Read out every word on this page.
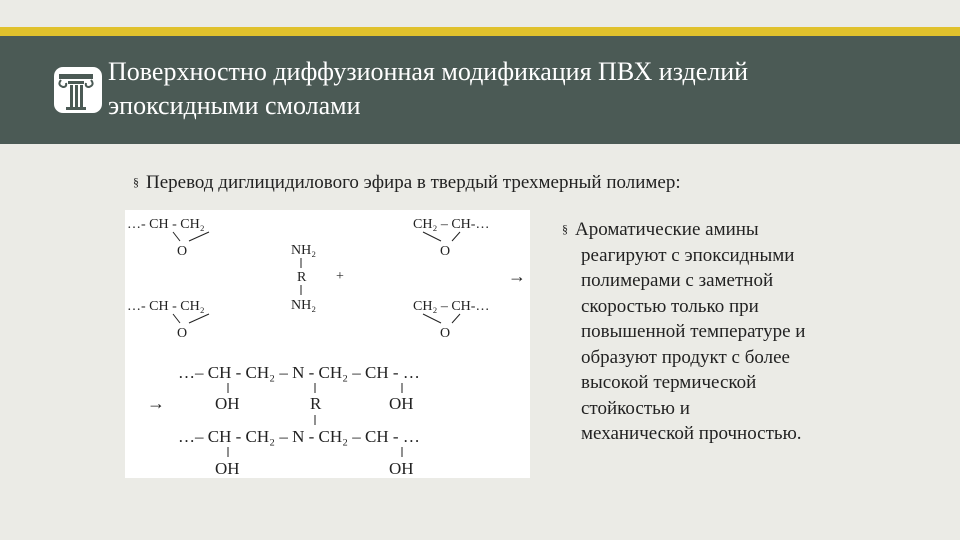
Поверхностно диффузионная модификация ПВХ изделий
эпоксидными смолами
§ Перевод диглицидилового эфира в твердый трехмерный полимер:
…- CH - CH₂
O
CH₂ – CH-…
O
NH₂
R
NH₂
+	→
…- CH - CH₂
O
CH₂ – CH-…
O
…– CH - CH₂ – N - CH₂ – CH - …
→	OH	R	OH
…– CH - CH₂ – N - CH₂ – CH - …
OH	OH
§ Ароматические амины
реагируют с эпоксидными
полимерами с заметной
скоростью только при
повышенной температуре и
образуют продукт с более
высокой термической
стойкостью и
механической прочностью.
